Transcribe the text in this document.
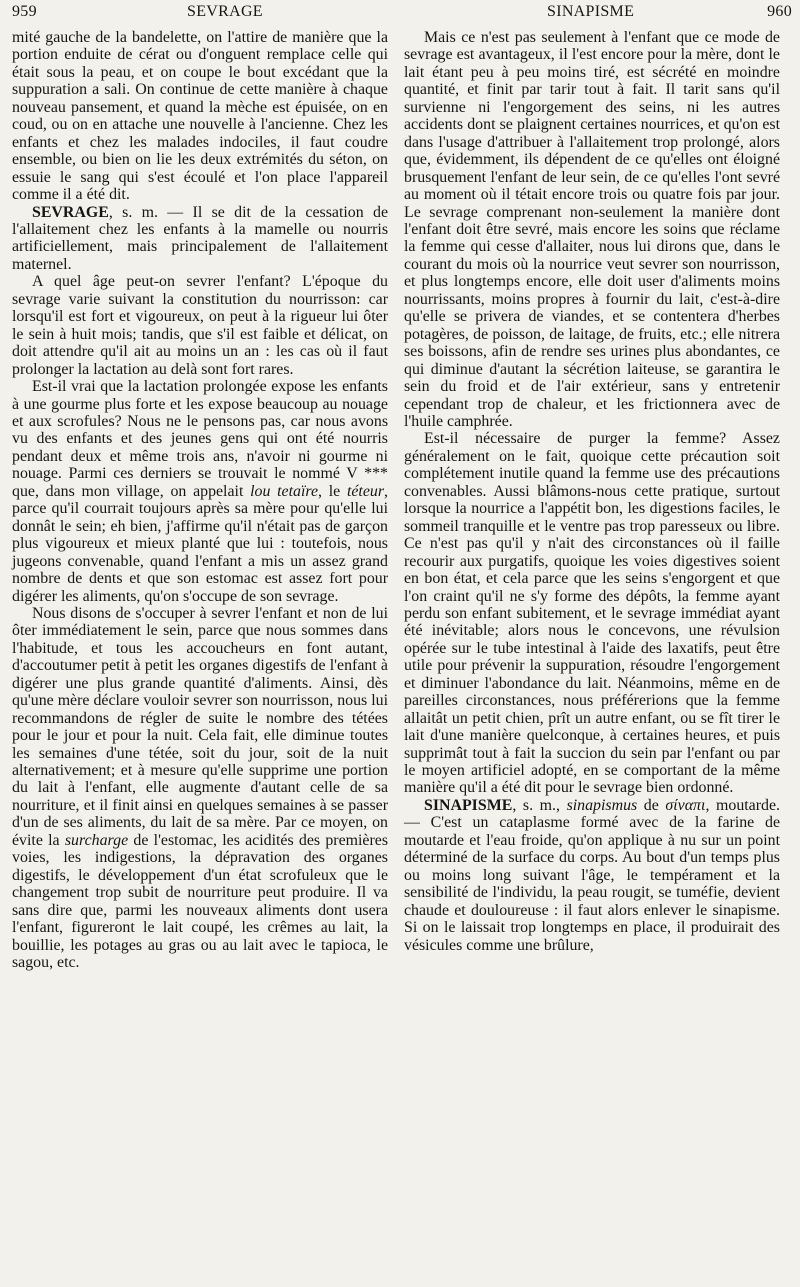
959	SEVRAGE	SINAPISME	960

mité gauche de la bandelette, on l'attire de manière que la portion enduite de cérat ou d'onguent remplace celle qui était sous la peau, et on coupe le bout excédant que la suppuration a sali. On continue de cette manière à chaque nouveau pansement, et quand la mèche est épuisée, on en coud, ou on en attache une nouvelle à l'ancienne. Chez les enfants et chez les malades indociles, il faut coudre ensemble, ou bien on lie les deux extrémités du séton, on essuie le sang qui s'est écoulé et l'on place l'appareil comme il a été dit.

SEVRAGE, s. m. — Il se dit de la cessation de l'allaitement chez les enfants à la mamelle ou nourris artificiellement, mais principalement de l'allaitement maternel.

A quel âge peut-on sevrer l'enfant? L'époque du sevrage varie suivant la constitution du nourrisson: car lorsqu'il est fort et vigoureux, on peut à la rigueur lui ôter le sein à huit mois; tandis, que s'il est faible et délicat, on doit attendre qu'il ait au moins un an : les cas où il faut prolonger la lactation au delà sont fort rares.

Est-il vrai que la lactation prolongée expose les enfants à une gourme plus forte et les expose beaucoup au nouage et aux scrofules? Nous ne le pensons pas, car nous avons vu des enfants et des jeunes gens qui ont été nourris pendant deux et même trois ans, n'avoir ni gourme ni nouage. Parmi ces derniers se trouvait le nommé V *** que, dans mon village, on appelait lou tetaïre, le téteur, parce qu'il courrait toujours après sa mère pour qu'elle lui donnât le sein; eh bien, j'affirme qu'il n'était pas de garçon plus vigoureux et mieux planté que lui : toutefois, nous jugeons convenable, quand l'enfant a mis un assez grand nombre de dents et que son estomac est assez fort pour digérer les aliments, qu'on s'occupe de son sevrage.

Nous disons de s'occuper à sevrer l'enfant et non de lui ôter immédiatement le sein, parce que nous sommes dans l'habitude, et tous les accoucheurs en font autant, d'accoutumer petit à petit les organes digestifs de l'enfant à digérer une plus grande quantité d'aliments. Ainsi, dès qu'une mère déclare vouloir sevrer son nourrisson, nous lui recommandons de régler de suite le nombre des tétées pour le jour et pour la nuit. Cela fait, elle diminue toutes les semaines d'une tétée, soit du jour, soit de la nuit alternativement; et à mesure qu'elle supprime une portion du lait à l'enfant, elle augmente d'autant celle de sa nourriture, et il finit ainsi en quelques semaines à se passer d'un de ses aliments, du lait de sa mère. Par ce moyen, on évite la surcharge de l'estomac, les acidités des premières voies, les indigestions, la dépravation des organes digestifs, le développement d'un état scrofuleux que le changement trop subit de nourriture peut produire. Il va sans dire que, parmi les nouveaux aliments dont usera l'enfant, figureront le lait coupé, les crêmes au lait, la bouillie, les potages au gras ou au lait avec le tapioca, le sagou, etc.

Mais ce n'est pas seulement à l'enfant que ce mode de sevrage est avantageux, il l'est encore pour la mère, dont le lait étant peu à peu moins tiré, est sécrété en moindre quantité, et finit par tarir tout à fait. Il tarit sans qu'il survienne ni l'engorgement des seins, ni les autres accidents dont se plaignent certaines nourrices, et qu'on est dans l'usage d'attribuer à l'allaitement trop prolongé, alors que, évidemment, ils dépendent de ce qu'elles ont éloigné brusquement l'enfant de leur sein, de ce qu'elles l'ont sevré au moment où il tétait encore trois ou quatre fois par jour. Le sevrage comprenant non-seulement la manière dont l'enfant doit être sevré, mais encore les soins que réclame la femme qui cesse d'allaiter, nous lui dirons que, dans le courant du mois où la nourrice veut sevrer son nourrisson, et plus longtemps encore, elle doit user d'aliments moins nourrissants, moins propres à fournir du lait, c'est-à-dire qu'elle se privera de viandes, et se contentera d'herbes potagères, de poisson, de laitage, de fruits, etc.; elle nitrera ses boissons, afin de rendre ses urines plus abondantes, ce qui diminue d'autant la sécrétion laiteuse, se garantira le sein du froid et de l'air extérieur, sans y entretenir cependant trop de chaleur, et les frictionnera avec de l'huile camphrée.

Est-il nécessaire de purger la femme? Assez généralement on le fait, quoique cette précaution soit complétement inutile quand la femme use des précautions convenables. Aussi blâmons-nous cette pratique, surtout lorsque la nourrice a l'appétit bon, les digestions faciles, le sommeil tranquille et le ventre pas trop paresseux ou libre. Ce n'est pas qu'il y n'ait des circonstances où il faille recourir aux purgatifs, quoique les voies digestives soient en bon état, et cela parce que les seins s'engorgent et que l'on craint qu'il ne s'y forme des dépôts, la femme ayant perdu son enfant subitement, et le sevrage immédiat ayant été inévitable; alors nous le concevons, une révulsion opérée sur le tube intestinal à l'aide des laxatifs, peut être utile pour prévenir la suppuration, résoudre l'engorgement et diminuer l'abondance du lait. Néanmoins, même en de pareilles circonstances, nous préférerions que la femme allaitât un petit chien, prît un autre enfant, ou se fît tirer le lait d'une manière quelconque, à certaines heures, et puis supprimât tout à fait la succion du sein par l'enfant ou par le moyen artificiel adopté, en se comportant de la même manière qu'il a été dit pour le sevrage bien ordonné.

SINAPISME, s. m., sinapismus de σίναπι, moutarde. — C'est un cataplasme formé avec de la farine de moutarde et l'eau froide, qu'on applique à nu sur un point déterminé de la surface du corps. Au bout d'un temps plus ou moins long suivant l'âge, le tempérament et la sensibilité de l'individu, la peau rougit, se tuméfie, devient chaude et douloureuse : il faut alors enlever le sinapisme. Si on le laissait trop longtemps en place, il produirait des vésicules comme une brûlure,
